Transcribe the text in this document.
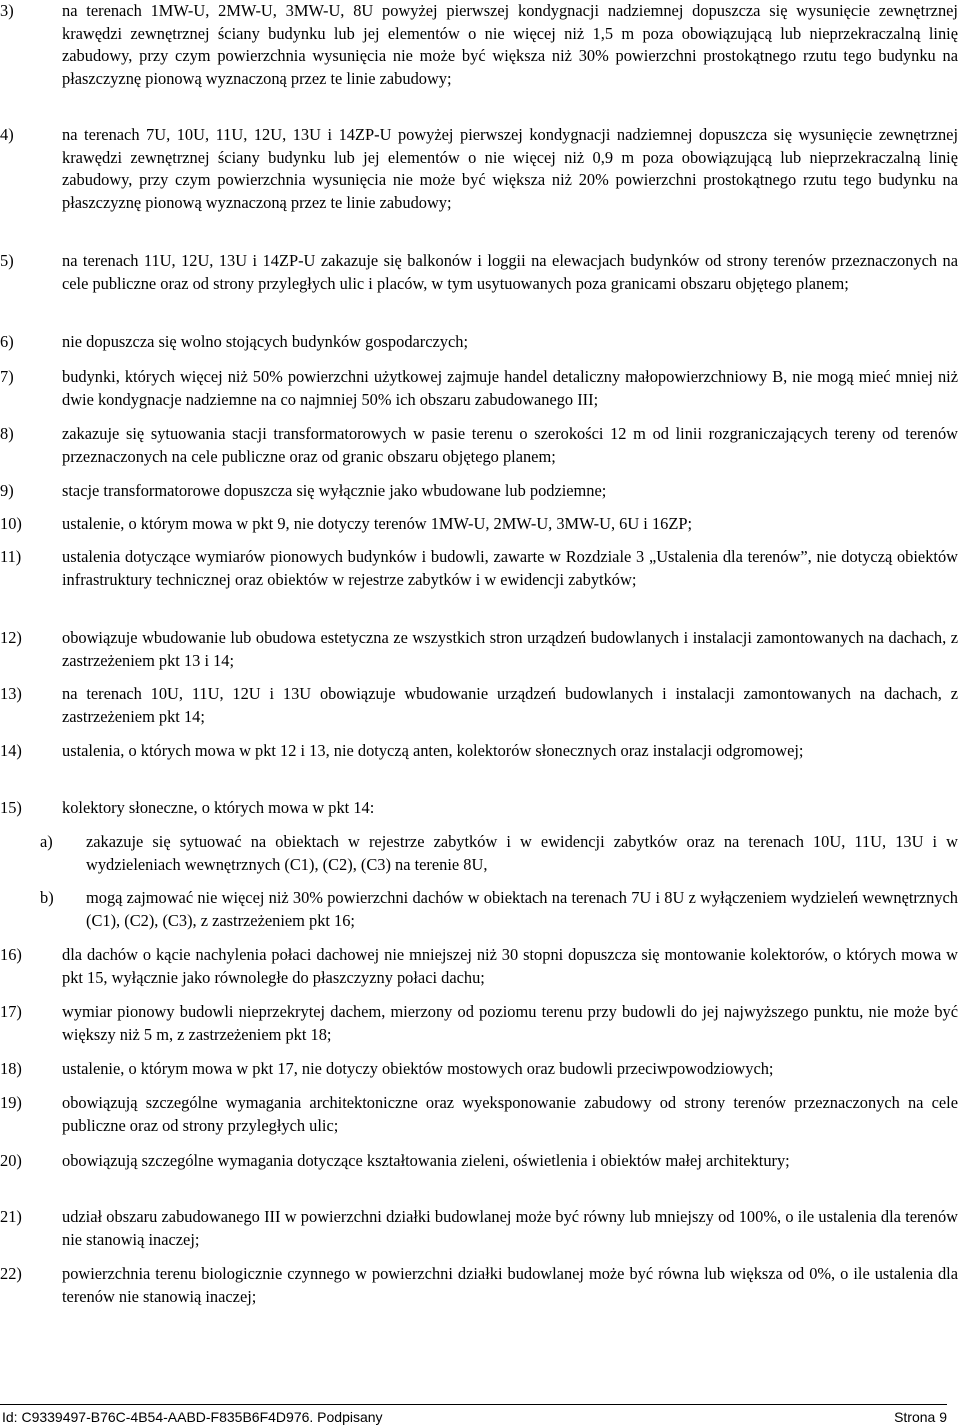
3)	na terenach 1MW-U, 2MW-U, 3MW-U, 8U powyżej pierwszej kondygnacji nadziemnej dopuszcza się wysunięcie zewnętrznej krawędzi zewnętrznej ściany budynku lub jej elementów o nie więcej niż 1,5 m poza obowiązującą lub nieprzekraczalną linię zabudowy, przy czym powierzchnia wysunięcia nie może być większa niż 30% powierzchni prostokątnego rzutu tego budynku na płaszczyznę pionową wyznaczoną przez te linie zabudowy;
4)	na terenach 7U, 10U, 11U, 12U, 13U i 14ZP-U powyżej pierwszej kondygnacji nadziemnej dopuszcza się wysunięcie zewnętrznej krawędzi zewnętrznej ściany budynku lub jej elementów o nie więcej niż 0,9 m poza obowiązującą lub nieprzekraczalną linię zabudowy, przy czym powierzchnia wysunięcia nie może być większa niż 20% powierzchni prostokątnego rzutu tego budynku na płaszczyznę pionową wyznaczoną przez te linie zabudowy;
5)	na terenach 11U, 12U, 13U i 14ZP-U zakazuje się balkonów i loggii na elewacjach budynków od strony terenów przeznaczonych na cele publiczne oraz od strony przyległych ulic i placów, w tym usytuowanych poza granicami obszaru objętego planem;
6)	nie dopuszcza się wolno stojących budynków gospodarczych;
7)	budynki, których więcej niż 50% powierzchni użytkowej zajmuje handel detaliczny małopowierzchniowy B, nie mogą mieć mniej niż dwie kondygnacje nadziemne na co najmniej 50% ich obszaru zabudowanego III;
8)	zakazuje się sytuowania stacji transformatorowych w pasie terenu o szerokości 12 m od linii rozgraniczających tereny od terenów przeznaczonych na cele publiczne oraz od granic obszaru objętego planem;
9)	stacje transformatorowe dopuszcza się wyłącznie jako wbudowane lub podziemne;
10)	ustalenie, o którym mowa w pkt 9, nie dotyczy terenów 1MW-U, 2MW-U, 3MW-U, 6U i 16ZP;
11)	ustalenia dotyczące wymiarów pionowych budynków i budowli, zawarte w Rozdziale 3 „Ustalenia dla terenów”, nie dotyczą obiektów infrastruktury technicznej oraz obiektów w rejestrze zabytków i w ewidencji zabytków;
12)	obowiązuje wbudowanie lub obudowa estetyczna ze wszystkich stron urządzeń budowlanych i instalacji zamontowanych na dachach, z zastrzeżeniem pkt 13 i 14;
13)	na terenach 10U, 11U, 12U i 13U obowiązuje wbudowanie urządzeń budowlanych i instalacji zamontowanych na dachach, z zastrzeżeniem pkt 14;
14)	ustalenia, o których mowa w pkt 12 i 13, nie dotyczą anten, kolektorów słonecznych oraz instalacji odgromowej;
15)	kolektory słoneczne, o których mowa w pkt 14:
a)	zakazuje się sytuować na obiektach w rejestrze zabytków i w ewidencji zabytków oraz na terenach 10U, 11U, 13U i w wydzieleniach wewnętrznych (C1), (C2), (C3) na terenie 8U,
b)	mogą zajmować nie więcej niż 30% powierzchni dachów w obiektach na terenach 7U i 8U z wyłączeniem wydzieleń wewnętrznych (C1), (C2), (C3), z zastrzeżeniem pkt 16;
16)	dla dachów o kącie nachylenia połaci dachowej nie mniejszej niż 30 stopni dopuszcza się montowanie kolektorów, o których mowa w pkt 15, wyłącznie jako równoległe do płaszczyzny połaci dachu;
17)	wymiar pionowy budowli nieprzekrytej dachem, mierzony od poziomu terenu przy budowli do jej najwyższego punktu, nie może być większy niż 5 m, z zastrzeżeniem pkt 18;
18)	ustalenie, o którym mowa w pkt 17, nie dotyczy obiektów mostowych oraz budowli przeciwpowodziowych;
19)	obowiązują szczególne wymagania architektoniczne oraz wyeksponowanie zabudowy od strony terenów przeznaczonych na cele publiczne oraz od strony przyległych ulic;
20)	obowiązują szczególne wymagania dotyczące kształtowania zieleni, oświetlenia i obiektów małej architektury;
21)	udział obszaru zabudowanego III w powierzchni działki budowlanej może być równy lub mniejszy od 100%, o ile ustalenia dla terenów nie stanowią inaczej;
22)	powierzchnia terenu biologicznie czynnego w powierzchni działki budowlanej może być równa lub większa od 0%, o ile ustalenia dla terenów nie stanowią inaczej;
Id: C9339497-B76C-4B54-AABD-F835B6F4D976. Podpisany	Strona 9
